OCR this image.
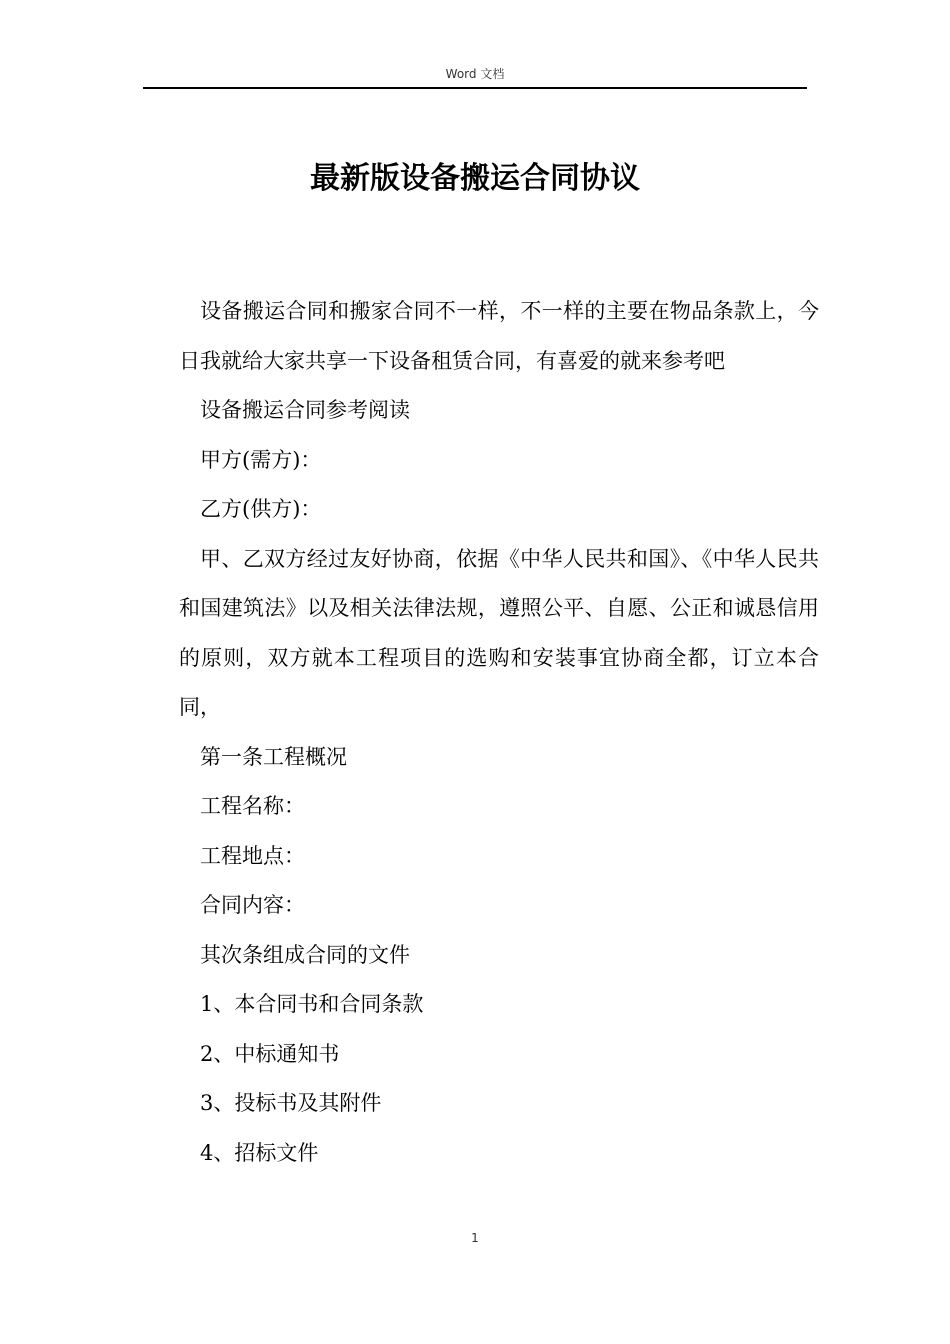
Word 文档
最新版设备搬运合同协议

设备搬运合同和搬家合同不一样，不一样的主要在物品条款上，今日我就给大家共享一下设备租赁合同，有喜爱的就来参考吧

设备搬运合同参考阅读

甲方(需方)：

乙方(供方)：

甲、乙双方经过友好协商，依据《中华人民共和国》、《中华人民共和国建筑法》以及相关法律法规，遵照公平、自愿、公正和诚恳信用的原则，双方就本工程项目的选购和安装事宜协商全都，订立本合同，

第一条工程概况

工程名称：

工程地点：

合同内容：

其次条组成合同的文件

1、本合同书和合同条款

2、中标通知书

3、投标书及其附件

4、招标文件

1
